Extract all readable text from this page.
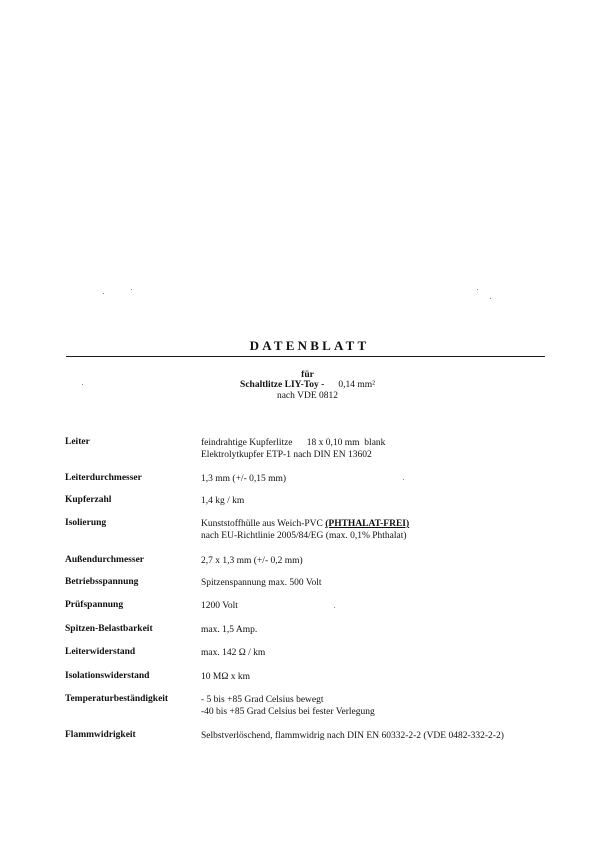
DATENBLATT
für
Schaltlitze LIY-Toy - 0,14 mm²
nach VDE 0812
Leiter	feindrahtige Kupferlitze      18 x 0,10 mm  blank
Elektrolytkupfer ETP-1 nach DIN EN 13602
Leiterdurchmesser	1,3 mm (+/- 0,15 mm)
Kupferzahl	1,4 kg / km
Isolierung	Kunststoffhülle aus Weich-PVC (PHTHALAT-FREI)
nach EU-Richtlinie 2005/84/EG (max. 0,1% Phthalat)
Außendurchmesser	2,7 x 1,3 mm (+/- 0,2 mm)
Betriebsspannung	Spitzenspannung max. 500 Volt
Prüfspannung	1200 Volt
Spitzen-Belastbarkeit	max. 1,5 Amp.
Leiterwiderstand	max. 142 Ω / km
Isolationswiderstand	10 MΩ x km
Temperaturbeständigkeit	- 5 bis +85 Grad Celsius bewegt
-40 bis +85 Grad Celsius bei fester Verlegung
Flammwidrigkeit	Selbstverlöschend, flammwidrig nach DIN EN 60332-2-2 (VDE 0482-332-2-2)
